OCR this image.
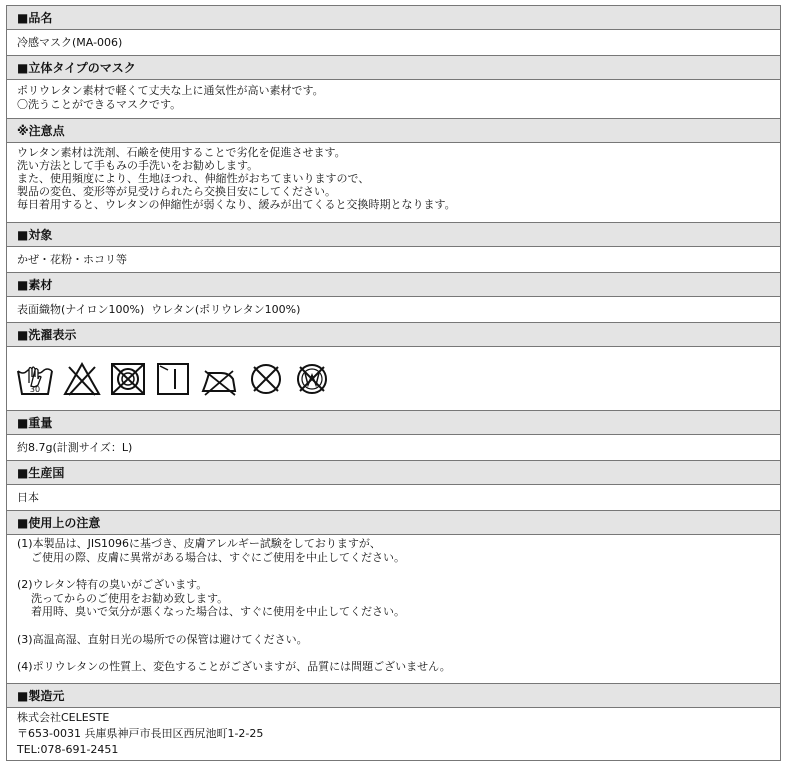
■品名
冷感マスク(MA-006)
■立体タイプのマスク
ポリウレタン素材で軽くて丈夫な上に通気性が高い素材です。
〇洗うことができるマスクです。
※注意点
ウレタン素材は洗剤、石鹸を使用することで劣化を促進させます。
洗い方法として手もみの手洗いをお勧めします。
また、使用頻度により、生地ほつれ、伸縮性がおちてまいりますので、
製品の変色、変形等が見受けられたら交換目安にしてください。
毎日着用すると、ウレタンの伸縮性が弱くなり、緩みが出てくると交換時期となります。
■対象
かぜ・花粉・ホコリ等
■素材
表面織物(ナイロン100%)  ウレタン(ポリウレタン100%)
■洗濯表示
30
■重量
約8.7g(計測サイズ：L)
■生産国
日本
■使用上の注意
(1)本製品は、JIS1096に基づき、皮膚アレルギー試験をしておりますが、
ご使用の際、皮膚に異常がある場合は、すぐにご使用を中止してください。
(2)ウレタン特有の臭いがございます。
洗ってからのご使用をお勧め致します。
着用時、臭いで気分が悪くなった場合は、すぐに使用を中止してください。
(3)高温高湿、直射日光の場所での保管は避けてください。
(4)ポリウレタンの性質上、変色することがございますが、品質には問題ございません。
■製造元
株式会社CELESTE
〒653-0031 兵庫県神戸市長田区西尻池町1-2-25
TEL:078-691-2451
